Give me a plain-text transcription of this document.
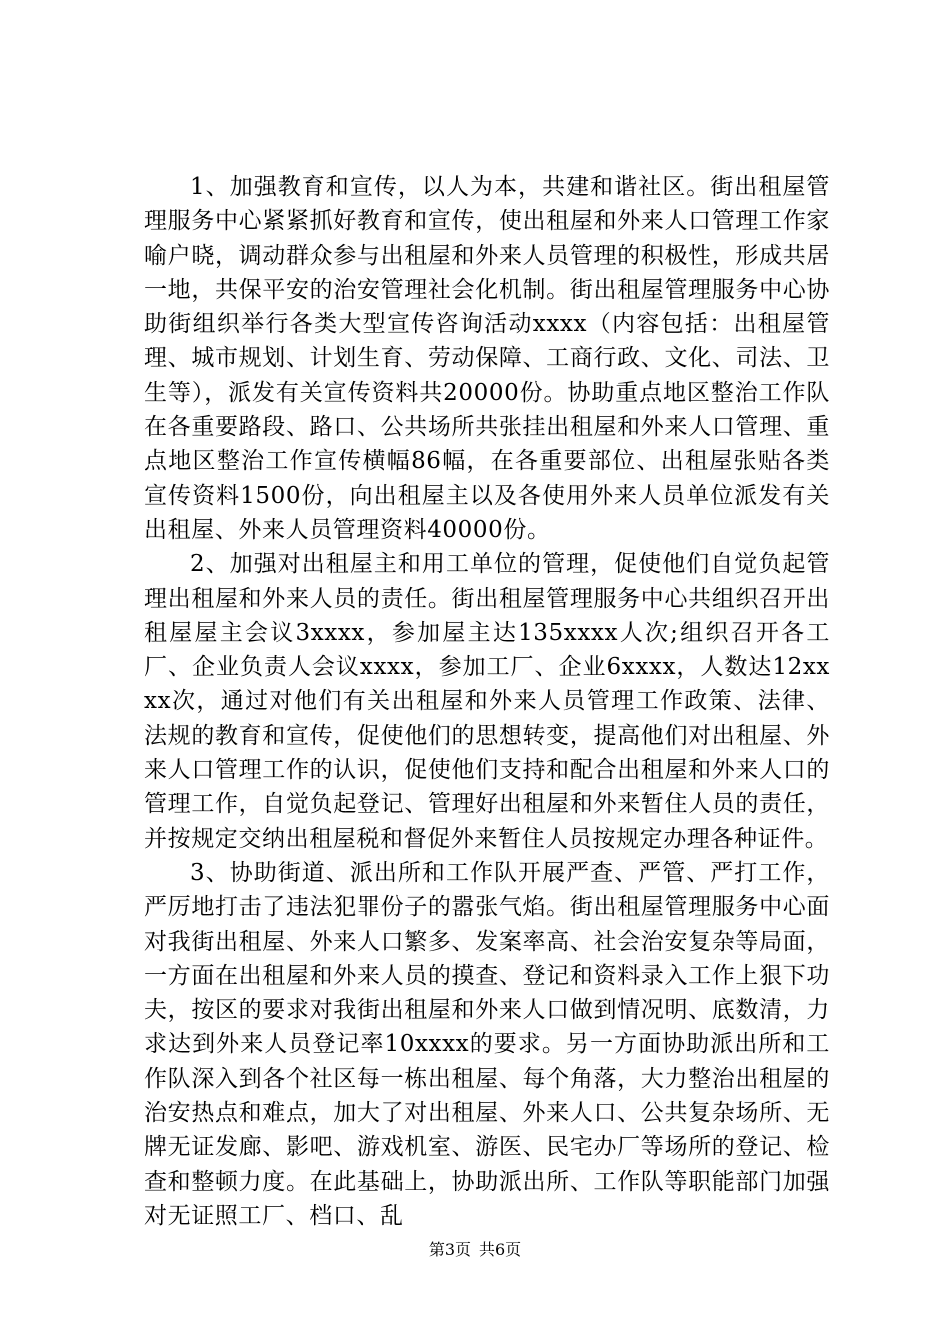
1、加强教育和宣传，以人为本，共建和谐社区。街出租屋管理服务中心紧紧抓好教育和宣传，使出租屋和外来人口管理工作家喻户晓，调动群众参与出租屋和外来人员管理的积极性，形成共居一地，共保平安的治安管理社会化机制。街出租屋管理服务中心协助街组织举行各类大型宣传咨询活动xxxx（内容包括：出租屋管理、城市规划、计划生育、劳动保障、工商行政、文化、司法、卫生等），派发有关宣传资料共20000份。协助重点地区整治工作队在各重要路段、路口、公共场所共张挂出租屋和外来人口管理、重点地区整治工作宣传横幅86幅，在各重要部位、出租屋张贴各类宣传资料1500份，向出租屋主以及各使用外来人员单位派发有关出租屋、外来人员管理资料40000份。

2、加强对出租屋主和用工单位的管理，促使他们自觉负起管理出租屋和外来人员的责任。街出租屋管理服务中心共组织召开出租屋屋主会议3xxxx，参加屋主达135xxxx人次;组织召开各工厂、企业负责人会议xxxx，参加工厂、企业6xxxx，人数达12xxxx次，通过对他们有关出租屋和外来人员管理工作政策、法律、法规的教育和宣传，促使他们的思想转变，提高他们对出租屋、外来人口管理工作的认识，促使他们支持和配合出租屋和外来人口的管理工作，自觉负起登记、管理好出租屋和外来暂住人员的责任，并按规定交纳出租屋税和督促外来暂住人员按规定办理各种证件。

3、协助街道、派出所和工作队开展严查、严管、严打工作，严厉地打击了违法犯罪份子的嚣张气焰。街出租屋管理服务中心面对我街出租屋、外来人口繁多、发案率高、社会治安复杂等局面，一方面在出租屋和外来人员的摸查、登记和资料录入工作上狠下功夫，按区的要求对我街出租屋和外来人口做到情况明、底数清，力求达到外来人员登记率10xxxx的要求。另一方面协助派出所和工作队深入到各个社区每一栋出租屋、每个角落，大力整治出租屋的治安热点和难点，加大了对出租屋、外来人口、公共复杂场所、无牌无证发廊、影吧、游戏机室、游医、民宅办厂等场所的登记、检查和整顿力度。在此基础上，协助派出所、工作队等职能部门加强对无证照工厂、档口、乱

第3页 共6页
